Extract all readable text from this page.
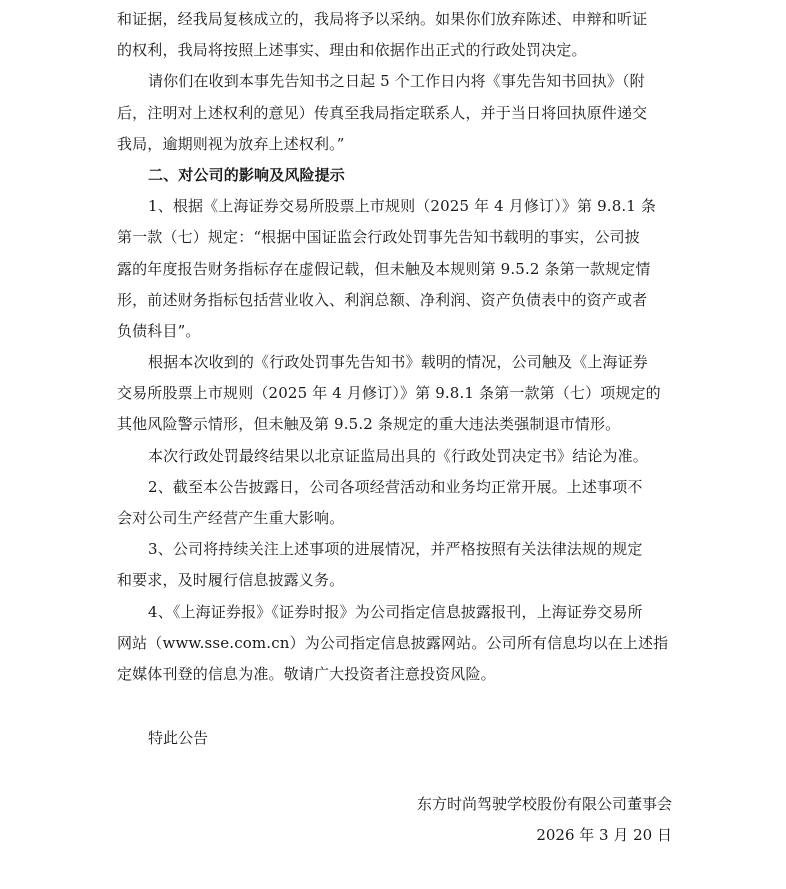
和证据，经我局复核成立的，我局将予以采纳。如果你们放弃陈述、申辩和听证
的权利，我局将按照上述事实、理由和依据作出正式的行政处罚决定。
请你们在收到本事先告知书之日起 5 个工作日内将《事先告知书回执》（附
后，注明对上述权利的意见）传真至我局指定联系人，并于当日将回执原件递交
我局，逾期则视为放弃上述权利。”
二、对公司的影响及风险提示
1、根据《上海证券交易所股票上市规则（2025 年 4 月修订）》第 9.8.1 条
第一款（七）规定：“根据中国证监会行政处罚事先告知书载明的事实，公司披
露的年度报告财务指标存在虚假记载，但未触及本规则第 9.5.2 条第一款规定情
形，前述财务指标包括营业收入、利润总额、净利润、资产负债表中的资产或者
负债科目”。
根据本次收到的《行政处罚事先告知书》载明的情况，公司触及《上海证券
交易所股票上市规则（2025 年 4 月修订）》第 9.8.1 条第一款第（七）项规定的
其他风险警示情形，但未触及第 9.5.2 条规定的重大违法类强制退市情形。
本次行政处罚最终结果以北京证监局出具的《行政处罚决定书》结论为准。
2、截至本公告披露日，公司各项经营活动和业务均正常开展。上述事项不
会对公司生产经营产生重大影响。
3、公司将持续关注上述事项的进展情况，并严格按照有关法律法规的规定
和要求，及时履行信息披露义务。
4、《上海证券报》《证券时报》为公司指定信息披露报刊，上海证券交易所
网站（www.sse.com.cn）为公司指定信息披露网站。公司所有信息均以在上述指
定媒体刊登的信息为准。敬请广大投资者注意投资风险。
特此公告
东方时尚驾驶学校股份有限公司董事会
2026 年 3 月 20 日
